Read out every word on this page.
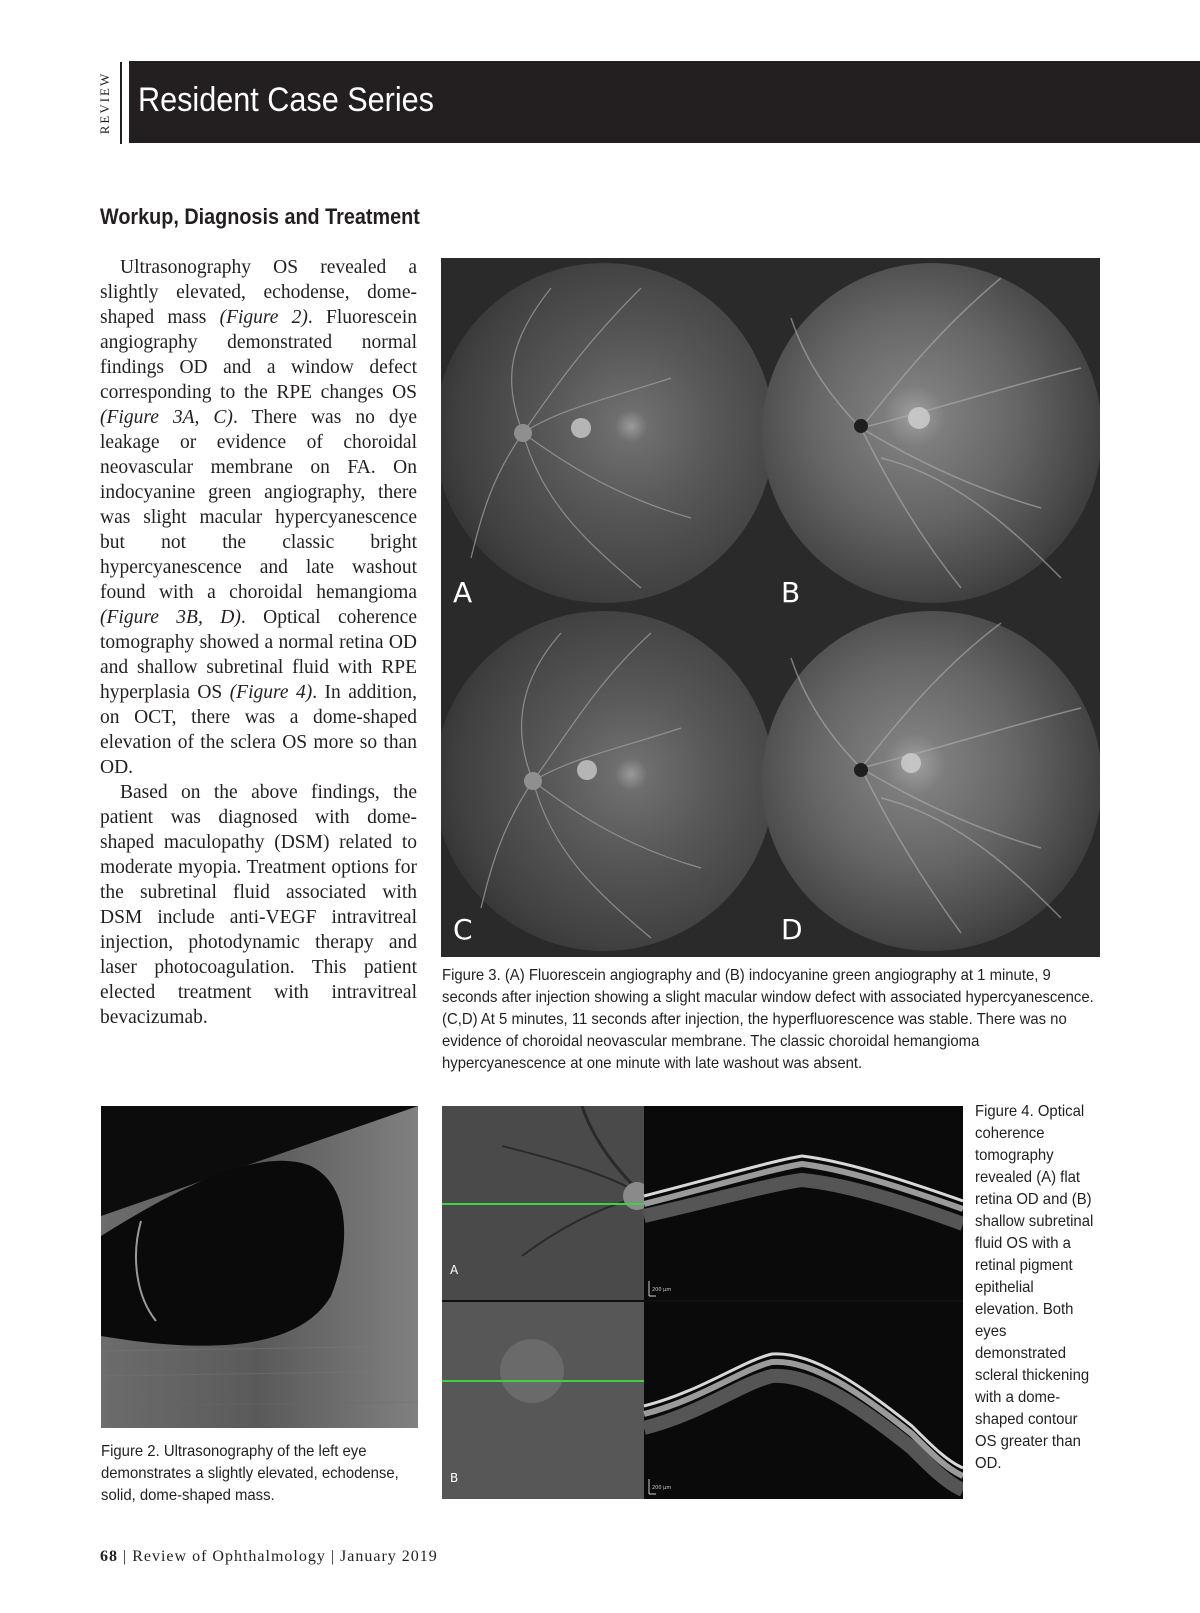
REVIEW Resident Case Series
Workup, Diagnosis and Treatment

Ultrasonography OS revealed a slightly elevated, echodense, dome-shaped mass (Figure 2). Fluorescein angiography demonstrated normal findings OD and a window defect corresponding to the RPE changes OS (Figure 3A, C). There was no dye leakage or evidence of choroidal neovascular membrane on FA. On indocyanine green angiography, there was slight macular hypercyanescence but not the classic bright hypercyanescence and late washout found with a choroidal hemangioma (Figure 3B, D). Optical coherence tomography showed a normal retina OD and shallow subretinal fluid with RPE hyperplasia OS (Figure 4). In addition, on OCT, there was a dome-shaped elevation of the sclera OS more so than OD.

Based on the above findings, the patient was diagnosed with dome-shaped maculopathy (DSM) related to moderate myopia. Treatment options for the subretinal fluid associated with DSM include anti-VEGF intravitreal injection, photodynamic therapy and laser photocoagulation. This patient elected treatment with intravitreal bevacizumab.

A	B
C	D
Figure 3. (A) Fluorescein angiography and (B) indocyanine green angiography at 1 minute, 9 seconds after injection showing a slight macular window defect with associated hypercyanescence. (C,D) At 5 minutes, 11 seconds after injection, the hyperfluorescence was stable. There was no evidence of choroidal neovascular membrane. The classic choroidal hemangioma hypercyanescence at one minute with late washout was absent.
Figure 2. Ultrasonography of the left eye demonstrates a slightly elevated, echodense, solid, dome-shaped mass.
A
B
200 µm
200 µm
Figure 4. Optical coherence tomography revealed (A) flat retina OD and (B) shallow subretinal fluid OS with a retinal pigment epithelial elevation. Both eyes demonstrated scleral thickening with a dome-shaped contour OS greater than OD.
68 | Review of Ophthalmology | January 2019
